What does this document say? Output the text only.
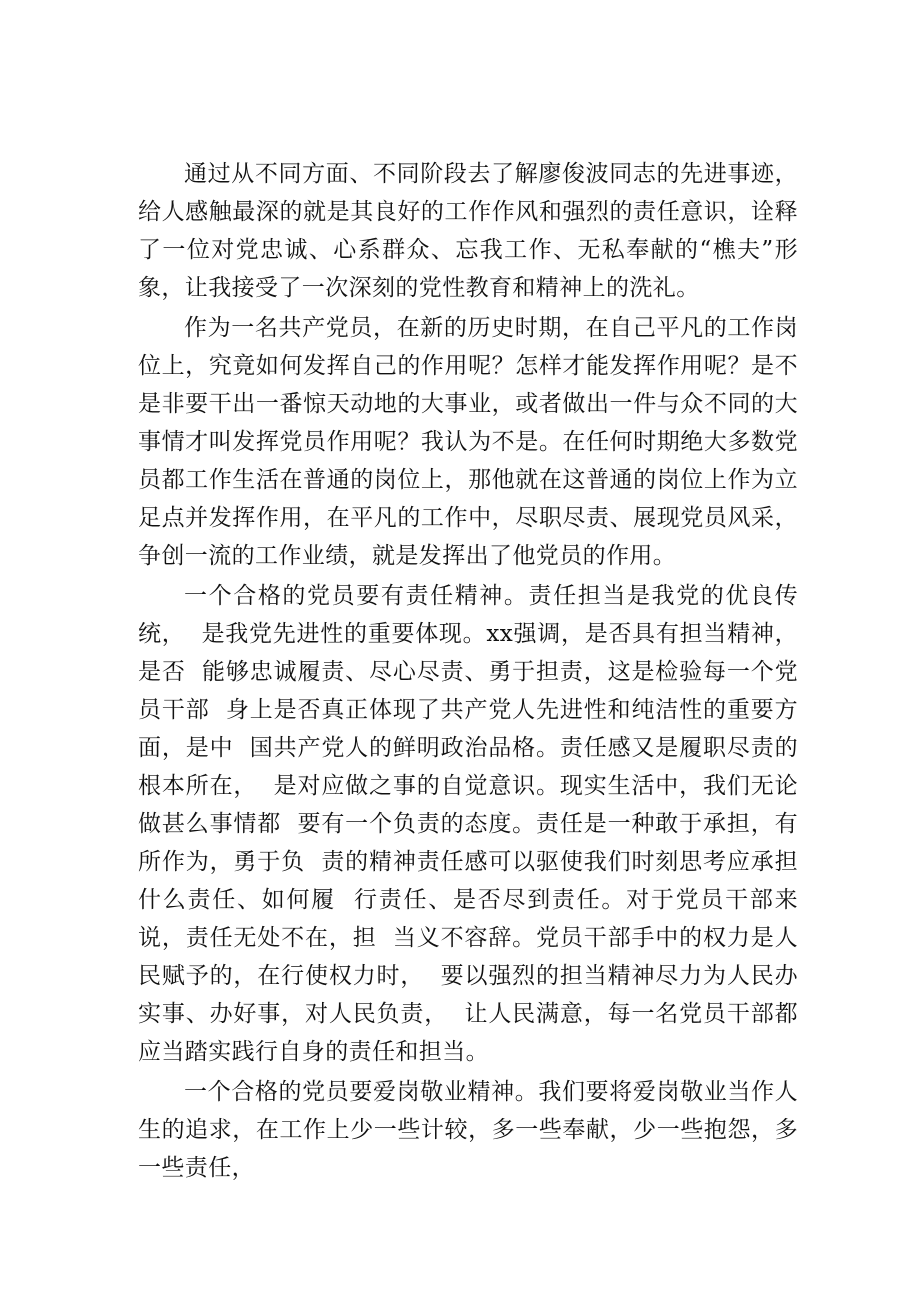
通过从不同方面、不同阶段去了解廖俊波同志的先进事迹，  给人感触最深的就是其良好的工作作风和强烈的责任意识，诠释  了一位对党忠诚、心系群众、忘我工作、无私奉献的“樵夫”形  象，让我接受了一次深刻的党性教育和精神上的洗礼。

作为一名共产党员，在新的历史时期，在自己平凡的工作岗  位上，究竟如何发挥自己的作用呢？怎样才能发挥作用呢？是不    是非要干出一番惊天动地的大事业，或者做出一件与众不同的大  事情才叫发挥党员作用呢？我认为不是。在任何时期绝大多数党  员都工作生活在普通的岗位上，那他就在这普通的岗位上作为立  足点并发挥作用，在平凡的工作中，尽职尽责、展现党员风采，  争创一流的工作业绩，就是发挥出了他党员的作用。

一个合格的党员要有责任精神。责任担当是我党的优良传统，  是我党先进性的重要体现。xx强调，是否具有担当精神，是否  能够忠诚履责、尽心尽责、勇于担责，这是检验每一个党员干部  身上是否真正体现了共产党人先进性和纯洁性的重要方面，是中  国共产党人的鲜明政治品格。责任感又是履职尽责的根本所在，  是对应做之事的自觉意识。现实生活中，我们无论做甚么事情都  要有一个负责的态度。责任是一种敢于承担，有所作为，勇于负  责的精神责任感可以驱使我们时刻思考应承担什么责任、如何履  行责任、是否尽到责任。对于党员干部来说，责任无处不在，担  当义不容辞。党员干部手中的权力是人民赋予的，在行使权力时，  要以强烈的担当精神尽力为人民办实事、办好事，对人民负责，  让人民满意，每一名党员干部都应当踏实践行自身的责任和担当。

一个合格的党员要爱岗敬业精神。我们要将爱岗敬业当作人  生的追求，在工作上少一些计较，多一些奉献，少一些抱怨，多  一些责任，
